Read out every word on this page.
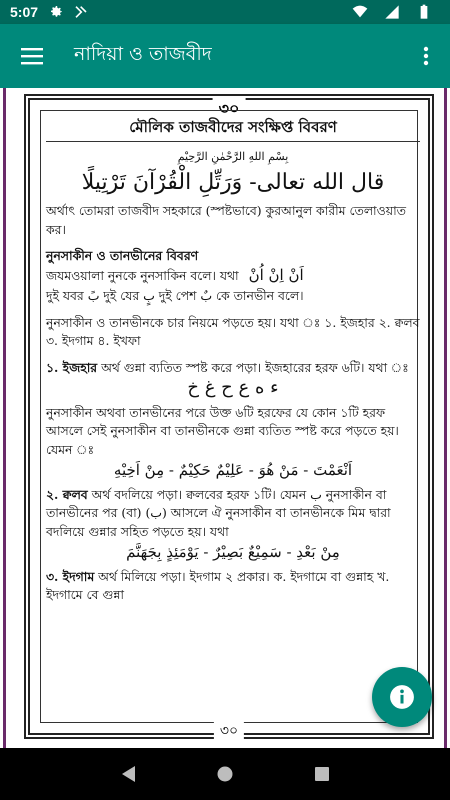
5:07
নাদিয়া ও তাজবীদ
৩০
মৌলিক তাজবীদের সংক্ষিপ্ত বিবরণ
بِسْمِ اللهِ الرَّحْمٰنِ الرَّحِيْمِ
قال الله تعالى- وَرَتِّلِ الْقُرْآنَ تَرْتِيلًا
অর্থাৎ তোমরা তাজবীদ সহকারে (স্পষ্টভাবে) কুরআনুল কারীম তেলাওয়াত কর।
নুনসাকীন ও তানভীনের বিবরণ
জযমওয়ালা নুনকে নুনসাকিন বলে। যথা اَنْ اِنْ اُنْ
দুই যবর بً দুই যের بٍ দুই পেশ بٌ কে তানভীন বলে।
নুনসাকীন ও তানভীনকে চার নিয়মে পড়তে হয়। যথা ঃ ১. ইজহার ২. ক্বলব ৩. ইদগাম ৪. ইখফা
১. ইজহার অর্থ গুন্না ব্যতিত স্পষ্ট করে পড়া। ইজহারের হরফ ৬টি। যথা ঃ
ء ه ع ح غ خ
নুনসাকীন অথবা তানভীনের পরে উক্ত ৬টি হরফের যে কোন ১টি হরফ আসলে সেই নুনসাকীন বা তানভীনকে গুন্না ব্যতিত স্পষ্ট করে পড়তে হয়। যেমন ঃ
اَنْعَمْتَ - مَنْ هُوَ - عَلِيْمٌ حَكِيْمٌ - مِنْ اَخِيْهِ
২. ক্বলব অর্থ বদলিয়ে পড়া। ক্বলবের হরফ ১টি। যেমন ب নুনসাকীন বা তানভীনের পর (বা) (ب) আসলে ঐ নুনসাকীন বা তানভীনকে মিম দ্বারা বদলিয়ে গুন্নার সহিত পড়তে হয়। যথা
مِنْ بَعْدِ - سَمِيْعٌ بَصِيْرٌ - يَوْمَئِذٍ بِجَهَنَّمَ
৩. ইদগাম অর্থ মিলিয়ে পড়া। ইদগাম ২ প্রকার। ক. ইদগামে বা গুন্নাহ খ. ইদগামে বে গুন্না
৩০
